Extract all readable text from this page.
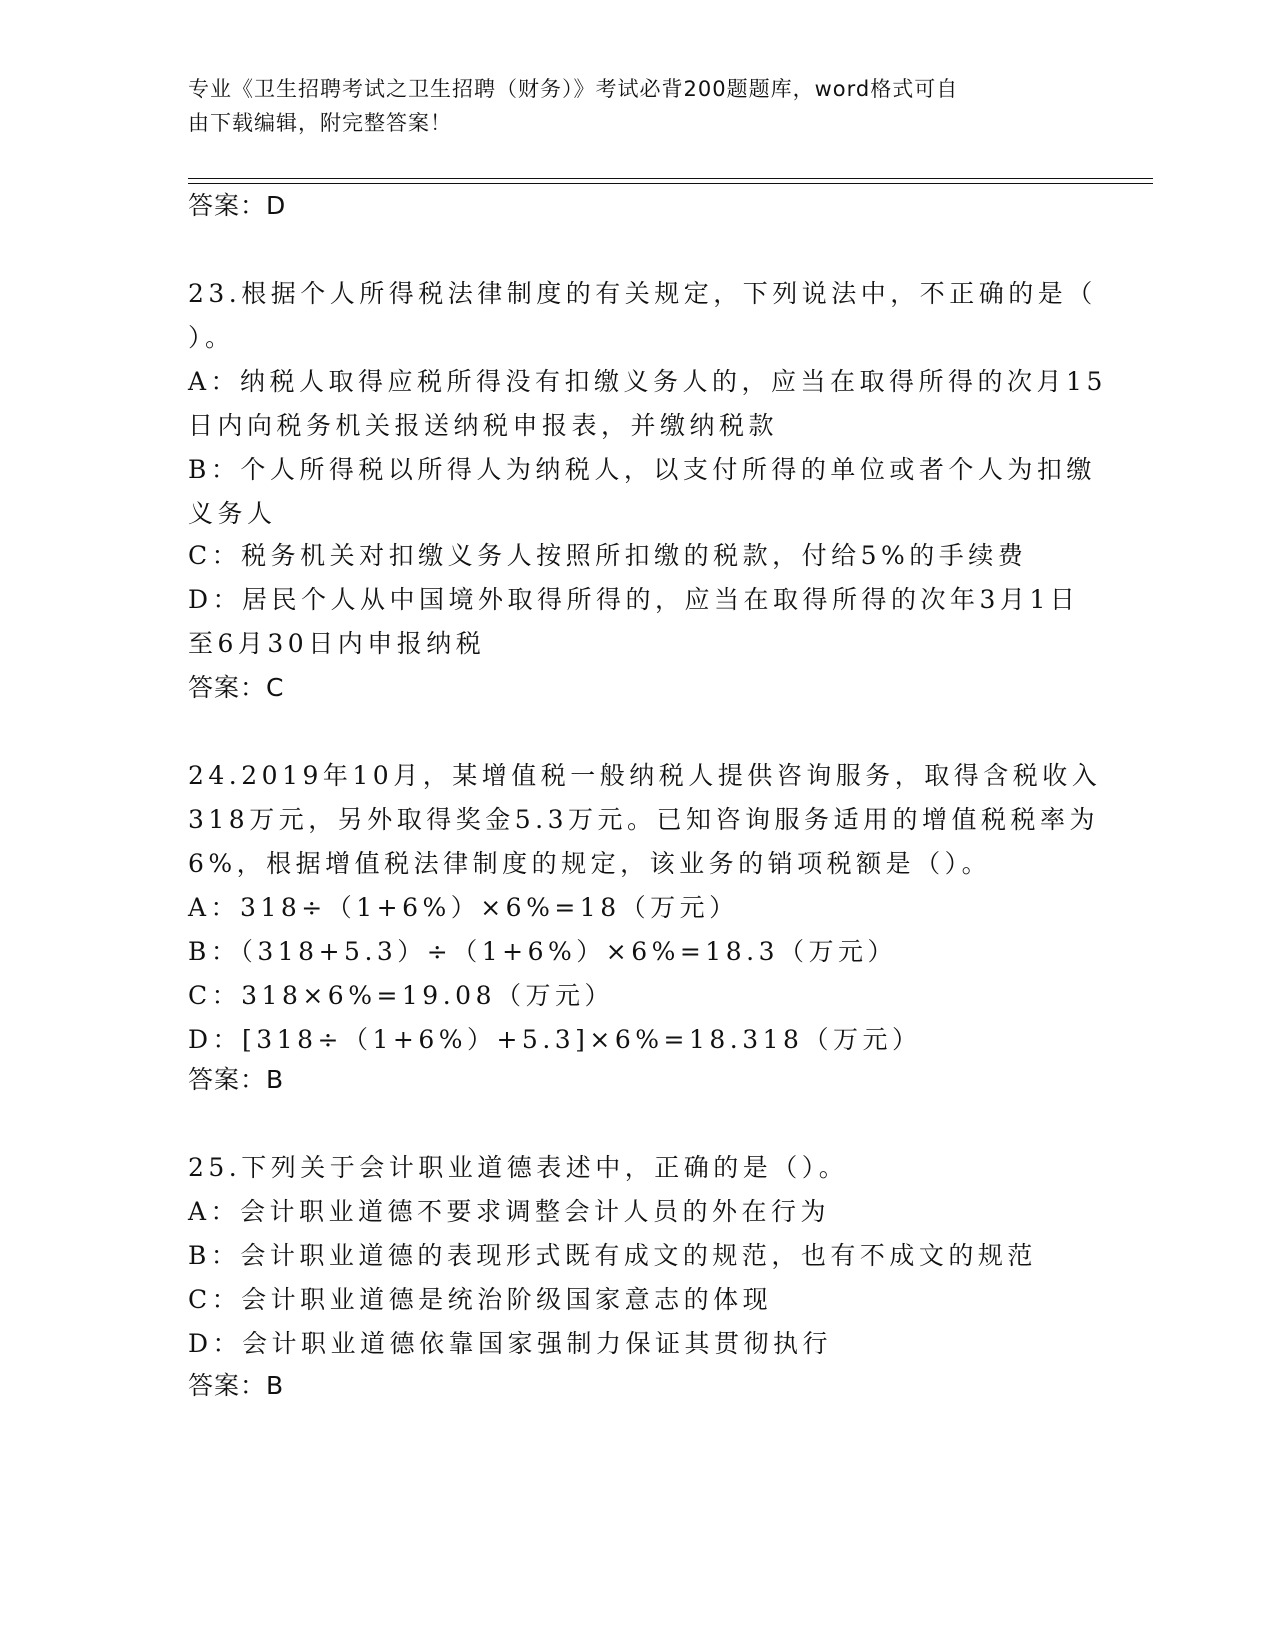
专业《卫生招聘考试之卫生招聘（财务）》考试必背200题题库，word格式可自
由下载编辑，附完整答案！
答案：D
23.根据个人所得税法律制度的有关规定，下列说法中，不正确的是（
）。
A：纳税人取得应税所得没有扣缴义务人的，应当在取得所得的次月15
日内向税务机关报送纳税申报表，并缴纳税款
B：个人所得税以所得人为纳税人，以支付所得的单位或者个人为扣缴
义务人
C：税务机关对扣缴义务人按照所扣缴的税款，付给5%的手续费
D：居民个人从中国境外取得所得的，应当在取得所得的次年3月1日
至6月30日内申报纳税
答案：C
24.2019年10月，某增值税一般纳税人提供咨询服务，取得含税收入
318万元，另外取得奖金5.3万元。已知咨询服务适用的增值税税率为
6%，根据增值税法律制度的规定，该业务的销项税额是（）。
A：318÷（1+6%）×6%=18（万元）
B：（318+5.3）÷（1+6%）×6%=18.3（万元）
C：318×6%=19.08（万元）
D：[318÷（1+6%）+5.3]×6%=18.318（万元）
答案：B
25.下列关于会计职业道德表述中，正确的是（）。
A：会计职业道德不要求调整会计人员的外在行为
B：会计职业道德的表现形式既有成文的规范，也有不成文的规范
C：会计职业道德是统治阶级国家意志的体现
D：会计职业道德依靠国家强制力保证其贯彻执行
答案：B
